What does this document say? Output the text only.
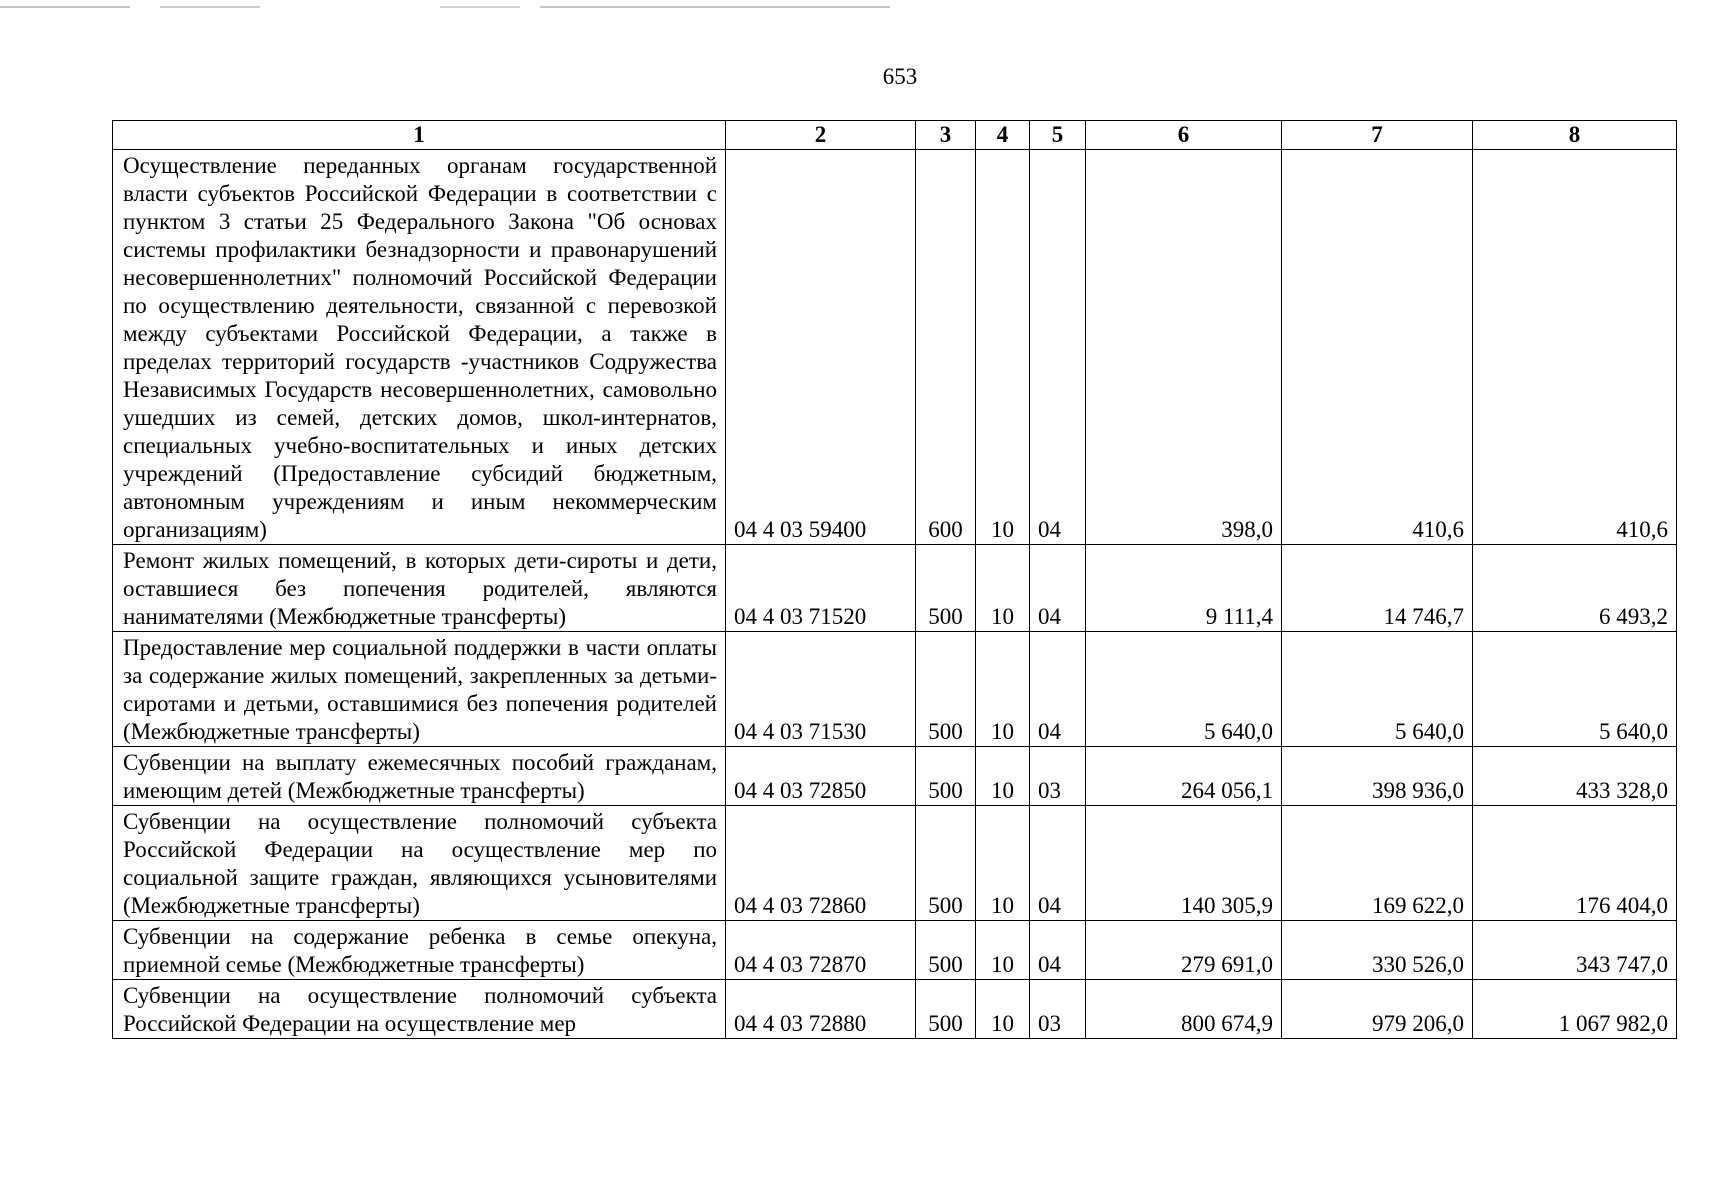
653
1	2	3	4	5	6	7	8
Осуществление переданных органам государственной власти субъектов Российской Федерации в соответствии с пунктом 3 статьи 25 Федерального Закона "Об основах системы профилактики безнадзорности и правонарушений несовершеннолетних" полномочий Российской Федерации по осуществлению деятельности, связанной с перевозкой между субъектами Российской Федерации, а также в пределах территорий государств -участников Содружества Независимых Государств несовершеннолетних, самовольно ушедших из семей, детских домов, школ-интернатов, специальных учебно-воспитательных и иных детских учреждений (Предоставление субсидий бюджетным, автономным учреждениям и иным некоммерческим организациям)	04 4 03 59400	600	10	04	398,0	410,6	410,6
Ремонт жилых помещений, в которых дети-сироты и дети, оставшиеся без попечения родителей, являются нанимателями (Межбюджетные трансферты)	04 4 03 71520	500	10	04	9 111,4	14 746,7	6 493,2
Предоставление мер социальной поддержки в части оплаты за содержание жилых помещений, закрепленных за детьми-сиротами и детьми, оставшимися без попечения родителей (Межбюджетные трансферты)	04 4 03 71530	500	10	04	5 640,0	5 640,0	5 640,0
Субвенции на выплату ежемесячных пособий гражданам, имеющим детей (Межбюджетные трансферты)	04 4 03 72850	500	10	03	264 056,1	398 936,0	433 328,0
Субвенции на осуществление полномочий субъекта Российской Федерации на осуществление мер по социальной защите граждан, являющихся усыновителями (Межбюджетные трансферты)	04 4 03 72860	500	10	04	140 305,9	169 622,0	176 404,0
Субвенции на содержание ребенка в семье опекуна, приемной семье (Межбюджетные трансферты)	04 4 03 72870	500	10	04	279 691,0	330 526,0	343 747,0
Субвенции на осуществление полномочий субъекта Российской Федерации на осуществление мер	04 4 03 72880	500	10	03	800 674,9	979 206,0	1 067 982,0
